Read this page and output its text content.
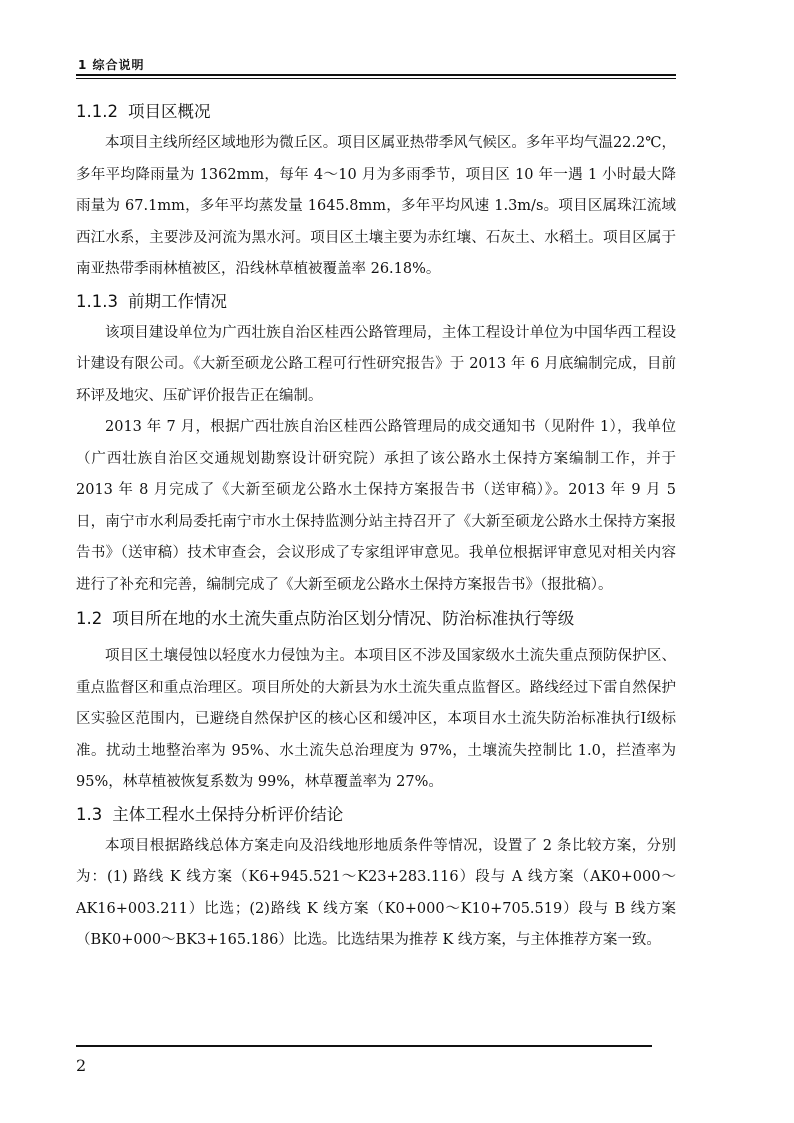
1 综合说明
1.1.2 项目区概况

本项目主线所经区域地形为微丘区。项目区属亚热带季风气候区。多年平均气温22.2℃，多年平均降雨量为 1362mm，每年 4～10 月为多雨季节，项目区 10 年一遇 1 小时最大降雨量为 67.1mm，多年平均蒸发量 1645.8mm，多年平均风速 1.3m/s。项目区属珠江流域西江水系，主要涉及河流为黑水河。项目区土壤主要为赤红壤、石灰土、水稻土。项目区属于南亚热带季雨林植被区，沿线林草植被覆盖率 26.18%。

1.1.3 前期工作情况

该项目建设单位为广西壮族自治区桂西公路管理局，主体工程设计单位为中国华西工程设计建设有限公司。《大新至硕龙公路工程可行性研究报告》于 2013 年 6 月底编制完成，目前环评及地灾、压矿评价报告正在编制。

2013 年 7 月，根据广西壮族自治区桂西公路管理局的成交通知书（见附件 1），我单位（广西壮族自治区交通规划勘察设计研究院）承担了该公路水土保持方案编制工作，并于 2013 年 8 月完成了《大新至硕龙公路水土保持方案报告书（送审稿）》。2013 年 9 月 5 日，南宁市水利局委托南宁市水土保持监测分站主持召开了《大新至硕龙公路水土保持方案报告书》（送审稿）技术审查会，会议形成了专家组评审意见。我单位根据评审意见对相关内容进行了补充和完善，编制完成了《大新至硕龙公路水土保持方案报告书》（报批稿）。

1.2 项目所在地的水土流失重点防治区划分情况、防治标准执行等级

项目区土壤侵蚀以轻度水力侵蚀为主。本项目区不涉及国家级水土流失重点预防保护区、重点监督区和重点治理区。项目所处的大新县为水土流失重点监督区。路线经过下雷自然保护区实验区范围内，已避绕自然保护区的核心区和缓冲区，本项目水土流失防治标准执行Ⅰ级标准。扰动土地整治率为 95%、水土流失总治理度为 97%，土壤流失控制比 1.0，拦渣率为 95%，林草植被恢复系数为 99%，林草覆盖率为 27%。

1.3 主体工程水土保持分析评价结论

本项目根据路线总体方案走向及沿线地形地质条件等情况，设置了 2 条比较方案，分别为：(1) 路线 K 线方案（K6+945.521～K23+283.116）段与 A 线方案（AK0+000～AK16+003.211）比选；(2)路线 K 线方案（K0+000～K10+705.519）段与 B 线方案（BK0+000～BK3+165.186）比选。比选结果为推荐 K 线方案，与主体推荐方案一致。

2
